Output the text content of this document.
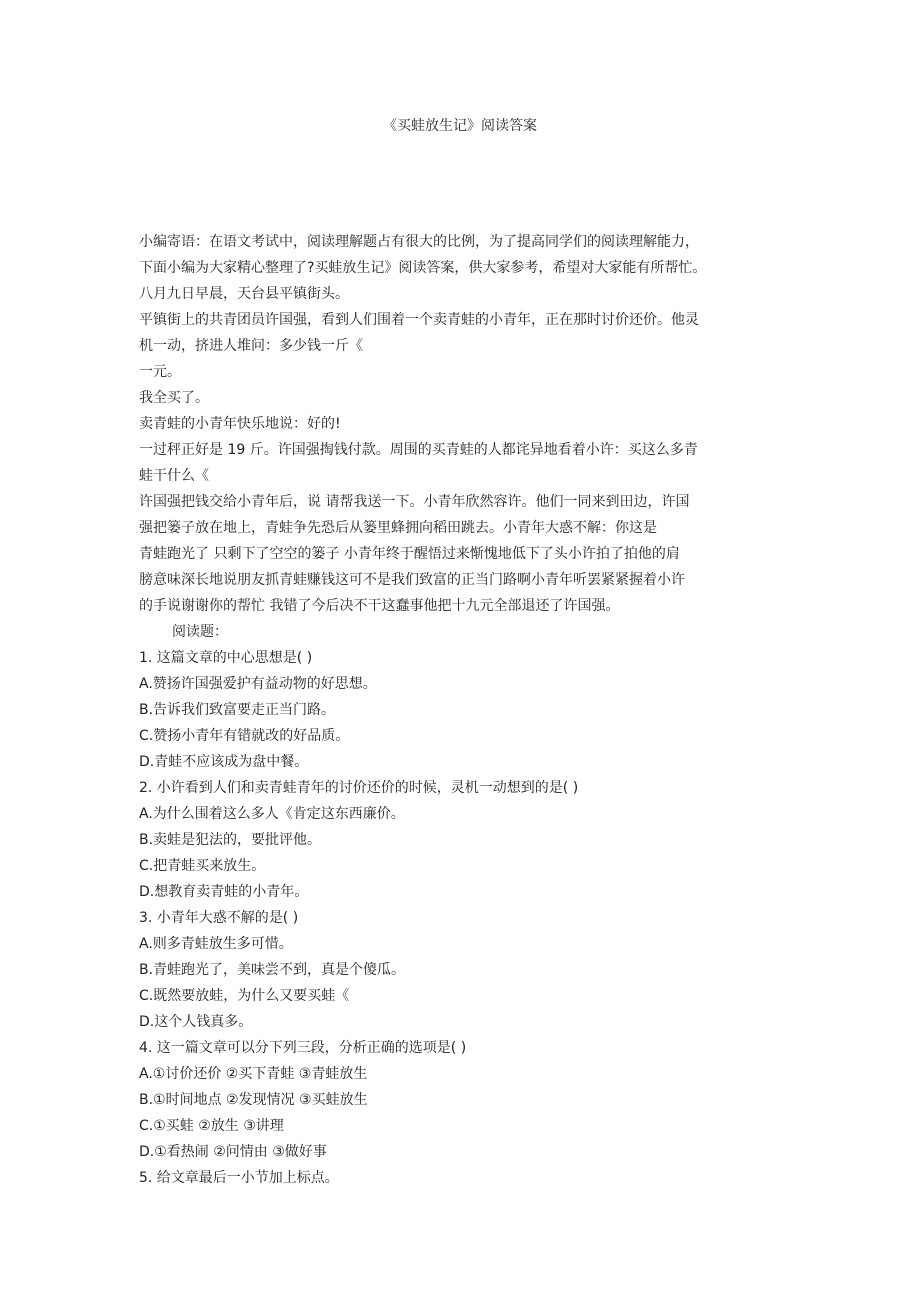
《买蛙放生记》阅读答案
小编寄语：在语文考试中，阅读理解题占有很大的比例，为了提高同学们的阅读理解能力，
下面小编为大家精心整理了?买蛙放生记》阅读答案，供大家参考，希望对大家能有所帮忙。
八月九日早晨，天台县平镇街头。
平镇街上的共青团员许国强，看到人们围着一个卖青蛙的小青年，正在那时讨价还价。他灵
机一动，挤进人堆问：多少钱一斤《
一元。
我全买了。
卖青蛙的小青年快乐地说：好的!
一过秤正好是 19 斤。许国强掏钱付款。周围的买青蛙的人都诧异地看着小许：买这么多青
蛙干什么《
许国强把钱交给小青年后，说 请帮我送一下。小青年欣然容许。他们一同来到田边，许国
强把篓子放在地上，青蛙争先恐后从篓里蜂拥向稻田跳去。小青年大惑不解：你这是
青蛙跑光了 只剩下了空空的篓子 小青年终于醒悟过来惭愧地低下了头小许拍了拍他的肩
膀意味深长地说朋友抓青蛙赚钱这可不是我们致富的正当门路啊小青年听罢紧紧握着小许
的手说谢谢你的帮忙 我错了今后决不干这蠢事他把十九元全部退还了许国强。
阅读题：
1. 这篇文章的中心思想是( )
A.赞扬许国强爱护有益动物的好思想。
B.告诉我们致富要走正当门路。
C.赞扬小青年有错就改的好品质。
D.青蛙不应该成为盘中餐。
2. 小许看到人们和卖青蛙青年的讨价还价的时候，灵机一动想到的是( )
A.为什么围着这么多人《肯定这东西廉价。
B.卖蛙是犯法的，要批评他。
C.把青蛙买来放生。
D.想教育卖青蛙的小青年。
3. 小青年大惑不解的是( )
A.则多青蛙放生多可惜。
B.青蛙跑光了，美味尝不到，真是个傻瓜。
C.既然要放蛙，为什么又要买蛙《
D.这个人钱真多。
4. 这一篇文章可以分下列三段，分析正确的选项是( )
A.①讨价还价 ②买下青蛙 ③青蛙放生
B.①时间地点 ②发现情况 ③买蛙放生
C.①买蛙 ②放生 ③讲理
D.①看热闹 ②问情由 ③做好事
5. 给文章最后一小节加上标点。
